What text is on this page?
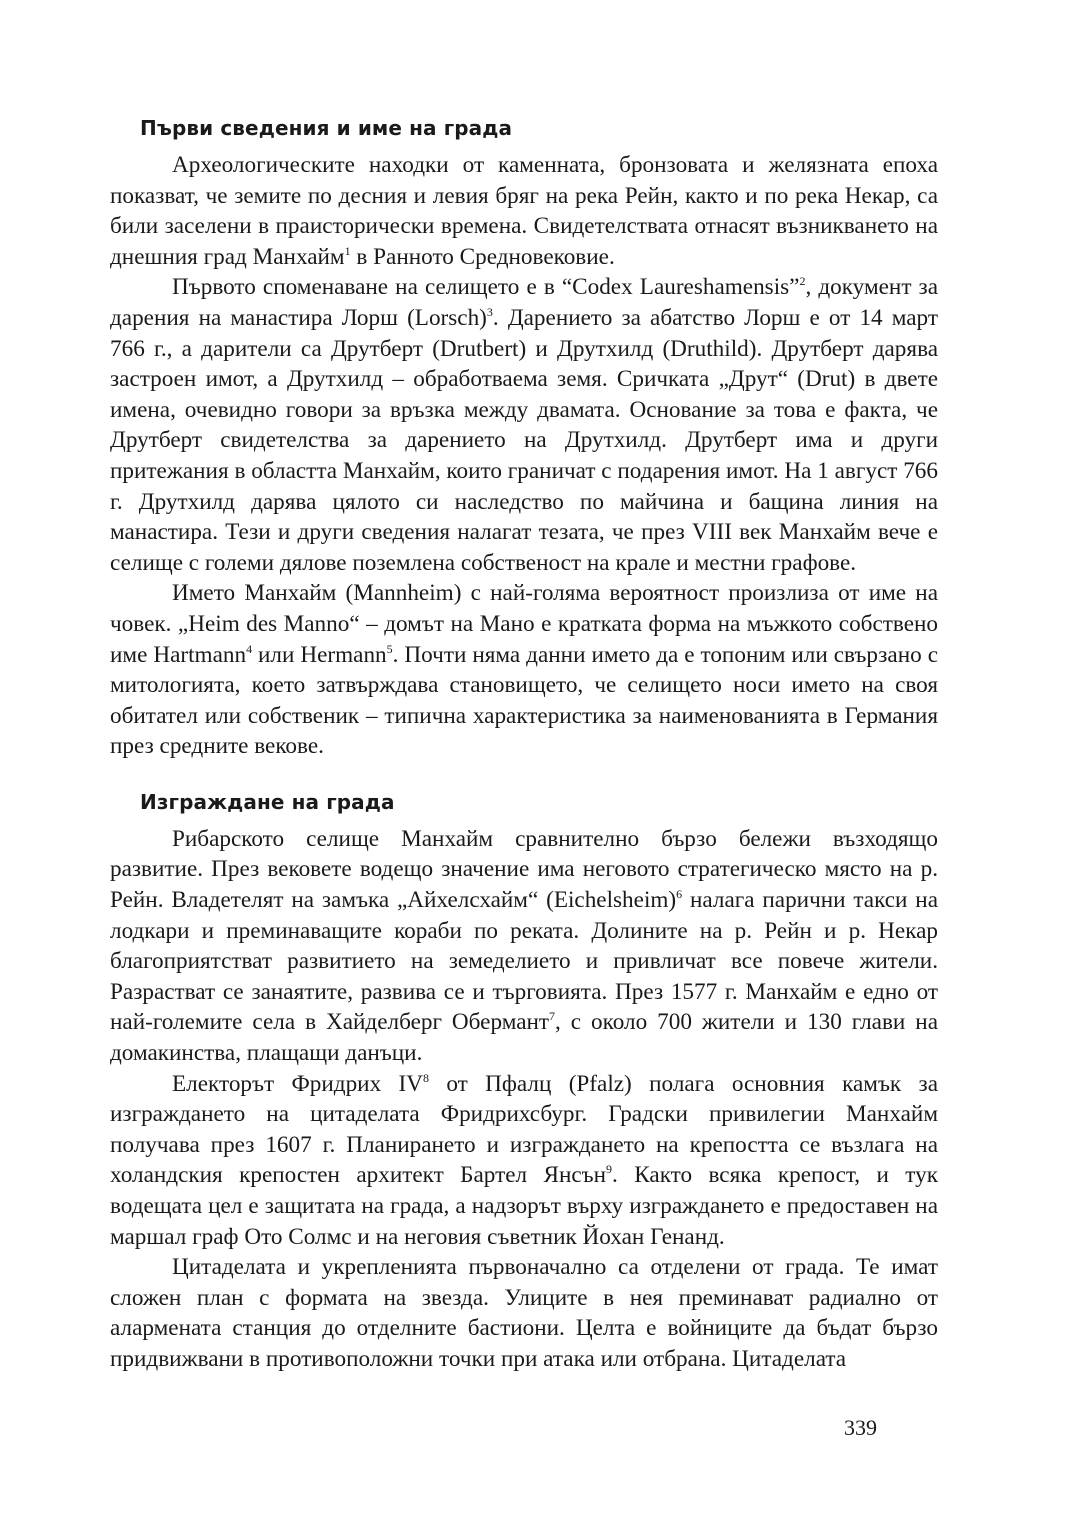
Първи сведения и име на града

Археологическите находки от каменната, бронзовата и желязната епоха показват, че земите по десния и левия бряг на река Рейн, както и по река Некар, са били заселени в праисторически времена. Свидетелствата отнасят възникването на днешния град Манхайм$^1$ в Ранното Средновековие.

Първото споменаване на селището е в “Codex Laureshamensis”$^2$, документ за дарения на манастира Лорш (Lorsch)$^3$. Дарението за абатство Лорш е от 14 март 766 г., а дарители са Друтберт (Drutbert) и Друтхилд (Druthild). Друтберт дарява застроен имот, а Друтхилд – обработваема земя. Сричката „Друт“ (Drut) в двете имена, очевидно говори за връзка между двамата. Основание за това е факта, че Друтберт свидетелства за дарението на Друтхилд. Друтберт има и други притежания в областта Манхайм, които граничат с подарения имот. На 1 август 766 г. Друтхилд дарява цялото си наследство по майчина и бащина линия на манастира. Тези и други сведения налагат тезата, че през VIII век Манхайм вече е селище с големи дялове поземлена собственост на крале и местни графове.

Името Манхайм (Mannheim) с най-голяма вероятност произлиза от име на човек. „Heim des Manno“ – домът на Мано е кратката форма на мъжкото собствено име Hartmann$^4$ или Hermann$^5$. Почти няма данни името да е топоним или свързано с митологията, което затвърждава становището, че селището носи името на своя обитател или собственик – типична характеристика за наименованията в Германия през средните векове.

Изграждане на града

Рибарското селище Манхайм сравнително бързо бележи възходящо развитие. През вековете водещо значение има неговото стратегическо място на р. Рейн. Владетелят на замъка „Айхелсхайм“ (Eichelsheim)$^6$ налага парични такси на лодкари и преминаващите кораби по реката. Долините на р. Рейн и р. Некар благоприятстват развитието на земеделието и привличат все повече жители. Разрастват се занаятите, развива се и търговията. През 1577 г. Манхайм е едно от най-големите села в Хайделберг Обермант$^7$, с около 700 жители и 130 глави на домакинства, плащащи данъци.

Електорът Фридрих $IV^8$ от Пфалц (Pfalz) полага основния камък за изграждането на цитаделата Фридрихсбург. Градски привилегии Манхайм получава през 1607 г. Планирането и изграждането на крепостта се възлага на холандския крепостен архитект Бартел Янсън$^9$. Както всяка крепост, и тук водещата цел е защитата на града, а надзорът върху изграждането е предоставен на маршал граф Ото Солмс и на неговия съветник Йохан Генанд.

Цитаделата и укрепленията първоначално са отделени от града. Те имат сложен план с формата на звезда. Улиците в нея преминават радиално от алармената станция до отделните бастиони. Целта е войниците да бъдат бързо придвижвани в противоположни точки при атака или отбрана. Цитаделата

339
